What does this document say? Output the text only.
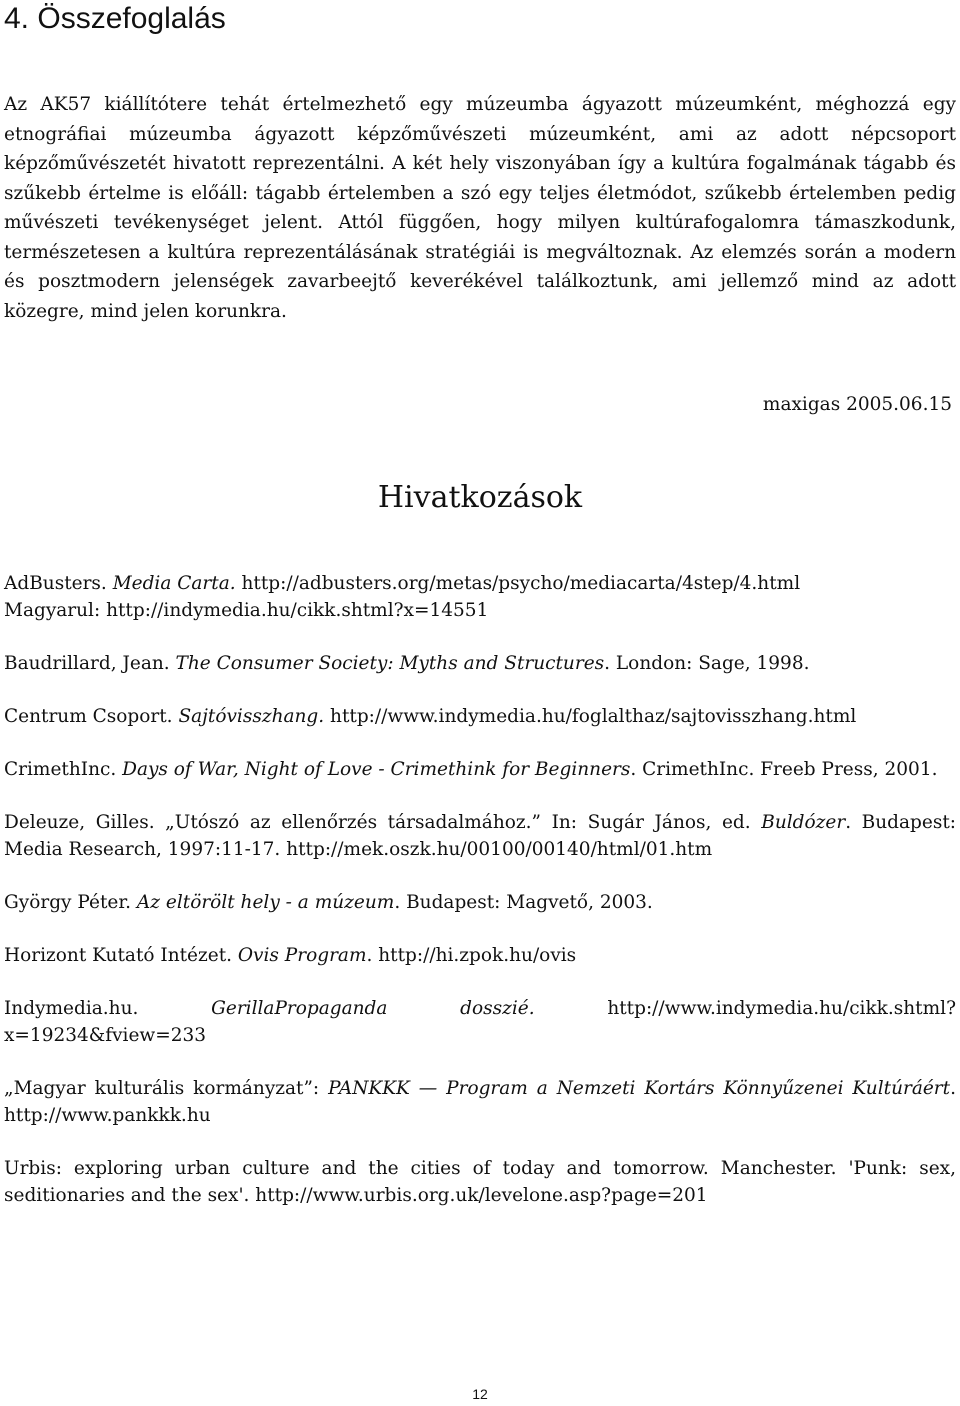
4. Összefoglalás

Az AK57 kiállítótere tehát értelmezhető egy múzeumba ágyazott múzeumként, méghozzá egy etnográfiai múzeumba ágyazott képzőművészeti múzeumként, ami az adott népcsoport képzőművészetét hivatott reprezentálni. A két hely viszonyában így a kultúra fogalmának tágabb és szűkebb értelme is előáll: tágabb értelemben a szó egy teljes életmódot, szűkebb értelemben pedig művészeti tevékenységet jelent. Attól függően, hogy milyen kultúrafogalomra támaszkodunk, természetesen a kultúra reprezentálásának stratégiái is megváltoznak. Az elemzés során a modern és posztmodern jelenségek zavarbeejtő keverékével találkoztunk, ami jellemző mind az adott közegre, mind jelen korunkra.

maxigas 2005.06.15

Hivatkozások
AdBusters. Media Carta. http://adbusters.org/metas/psycho/mediacarta/4step/4.html
Magyarul: http://indymedia.hu/cikk.shtml?x=14551
Baudrillard, Jean. The Consumer Society: Myths and Structures. London: Sage, 1998.
Centrum Csoport. Sajtóvisszhang. http://www.indymedia.hu/foglalthaz/sajtovisszhang.html
CrimethInc. Days of War, Night of Love - Crimethink for Beginners. CrimethInc. Freeb Press, 2001.
Deleuze, Gilles. „Utószó az ellenőrzés társadalmához.” In: Sugár János, ed. Buldózer. Budapest: Media Research, 1997:11-17. http://mek.oszk.hu/00100/00140/html/01.htm
György Péter. Az eltörölt hely - a múzeum. Budapest: Magvető, 2003.
Horizont Kutató Intézet. Ovis Program. http://hi.zpok.hu/ovis
Indymedia.hu. GerillaPropaganda dosszié. http://www.indymedia.hu/cikk.shtml?x=19234&fview=233
„Magyar kulturális kormányzat”: PANKKK — Program a Nemzeti Kortárs Könnyűzenei Kultúráért. http://www.pankkk.hu
Urbis: exploring urban culture and the cities of today and tomorrow. Manchester. 'Punk: sex, seditionaries and the sex'. http://www.urbis.org.uk/levelone.asp?page=201
12
